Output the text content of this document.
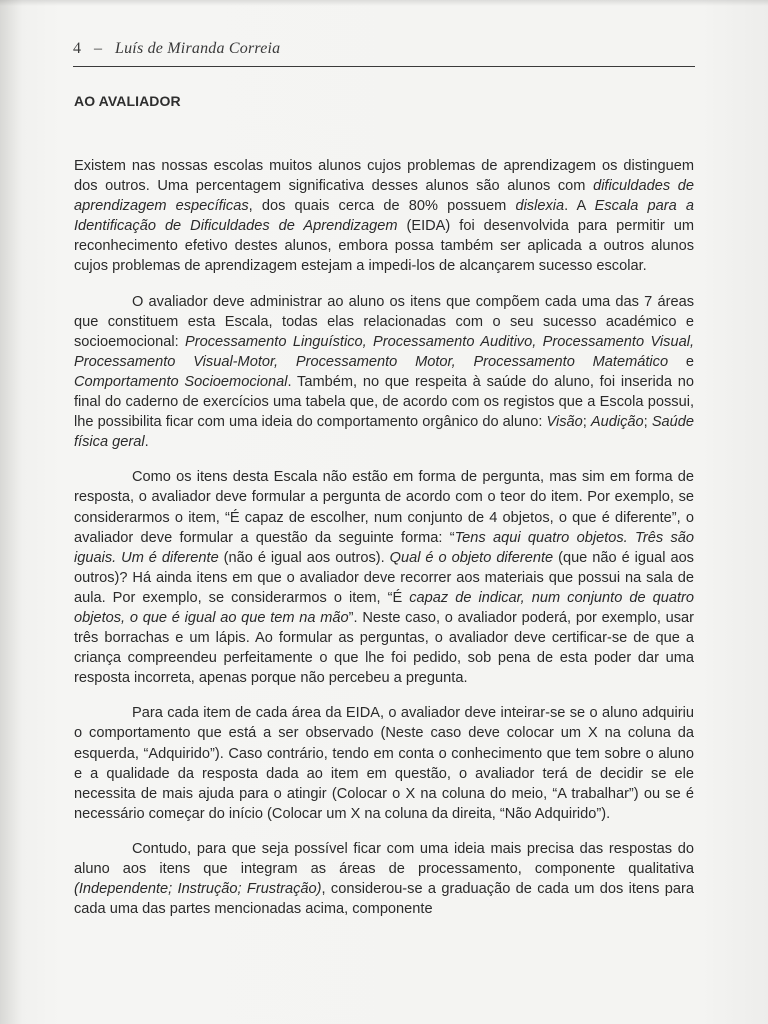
4 – Luís de Miranda Correia
AO AVALIADOR

Existem nas nossas escolas muitos alunos cujos problemas de aprendizagem os distinguem dos outros. Uma percentagem significativa desses alunos são alunos com dificuldades de aprendizagem específicas, dos quais cerca de 80% possuem dislexia. A Escala para a Identificação de Dificuldades de Aprendizagem (EIDA) foi desenvolvida para permitir um reconhecimento efetivo destes alunos, embora possa também ser aplicada a outros alunos cujos problemas de aprendizagem estejam a impedi-los de alcançarem sucesso escolar.

O avaliador deve administrar ao aluno os itens que compõem cada uma das 7 áreas que constituem esta Escala, todas elas relacionadas com o seu sucesso académico e socioemocional: Processamento Linguístico, Processamento Auditivo, Processamento Visual, Processamento Visual-Motor, Processamento Motor, Processamento Matemático e Comportamento Socioemocional. Também, no que respeita à saúde do aluno, foi inserida no final do caderno de exercícios uma tabela que, de acordo com os registos que a Escola possui, lhe possibilita ficar com uma ideia do comportamento orgânico do aluno: Visão; Audição; Saúde física geral.

Como os itens desta Escala não estão em forma de pergunta, mas sim em forma de resposta, o avaliador deve formular a pergunta de acordo com o teor do item. Por exemplo, se considerarmos o item, “É capaz de escolher, num conjunto de 4 objetos, o que é diferente”, o avaliador deve formular a questão da seguinte forma: “Tens aqui quatro objetos. Três são iguais. Um é diferente (não é igual aos outros). Qual é o objeto diferente (que não é igual aos outros)? Há ainda itens em que o avaliador deve recorrer aos materiais que possui na sala de aula. Por exemplo, se considerarmos o item, “É capaz de indicar, num conjunto de quatro objetos, o que é igual ao que tem na mão”. Neste caso, o avaliador poderá, por exemplo, usar três borrachas e um lápis. Ao formular as perguntas, o avaliador deve certificar-se de que a criança compreendeu perfeitamente o que lhe foi pedido, sob pena de esta poder dar uma resposta incorreta, apenas porque não percebeu a pregunta.

Para cada item de cada área da EIDA, o avaliador deve inteirar-se se o aluno adquiriu o comportamento que está a ser observado (Neste caso deve colocar um X na coluna da esquerda, “Adquirido”). Caso contrário, tendo em conta o conhecimento que tem sobre o aluno e a qualidade da resposta dada ao item em questão, o avaliador terá de decidir se ele necessita de mais ajuda para o atingir (Colocar o X na coluna do meio, “A trabalhar”) ou se é necessário começar do início (Colocar um X na coluna da direita, “Não Adquirido”).

Contudo, para que seja possível ficar com uma ideia mais precisa das respostas do aluno aos itens que integram as áreas de processamento, componente qualitativa (Independente; Instrução; Frustração), considerou-se a graduação de cada um dos itens para cada uma das partes mencionadas acima, componente
